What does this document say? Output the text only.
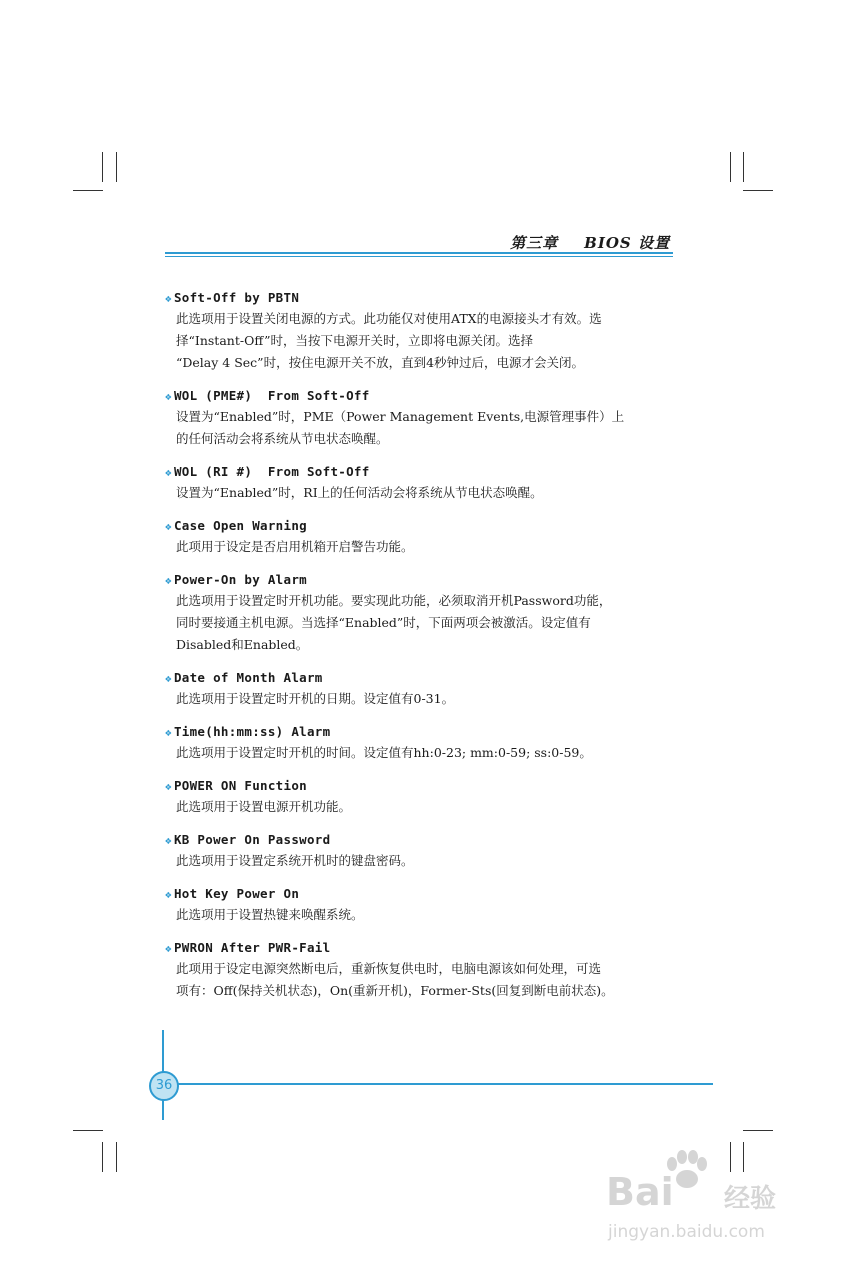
第三章 BIOS 设置
❖ Soft-Off by PBTN

此选项用于设置关闭电源的方式。此功能仅对使用ATX的电源接头才有效。选
择“Instant-Off”时，当按下电源开关时，立即将电源关闭。选择
“Delay 4 Sec”时，按住电源开关不放，直到4秒钟过后，电源才会关闭。

❖ WOL (PME#)  From Soft-Off

设置为“Enabled”时，PME（Power Management Events,电源管理事件）上
的任何活动会将系统从节电状态唤醒。

❖ WOL (RI #)  From Soft-Off

设置为“Enabled”时，RI上的任何活动会将系统从节电状态唤醒。

❖ Case Open Warning

此项用于设定是否启用机箱开启警告功能。

❖ Power-On by Alarm

此选项用于设置定时开机功能。要实现此功能，必须取消开机Password功能，
同时要接通主机电源。当选择“Enabled”时，下面两项会被激活。设定值有
Disabled和Enabled。

❖ Date of Month Alarm

此选项用于设置定时开机的日期。设定值有0-31。

❖ Time(hh:mm:ss) Alarm

此选项用于设置定时开机的时间。设定值有hh:0-23; mm:0-59; ss:0-59。

❖ POWER ON Function

此选项用于设置电源开机功能。

❖ KB Power On Password

此选项用于设置定系统开机时的键盘密码。

❖ Hot Key Power On

此选项用于设置热键来唤醒系统。

❖ PWRON After PWR-Fail

此项用于设定电源突然断电后，重新恢复供电时，电脑电源该如何处理，可选
项有：Off(保持关机状态)，On(重新开机)，Former-Sts(回复到断电前状态)。

36
Bai 经验
jingyan.baidu.com
